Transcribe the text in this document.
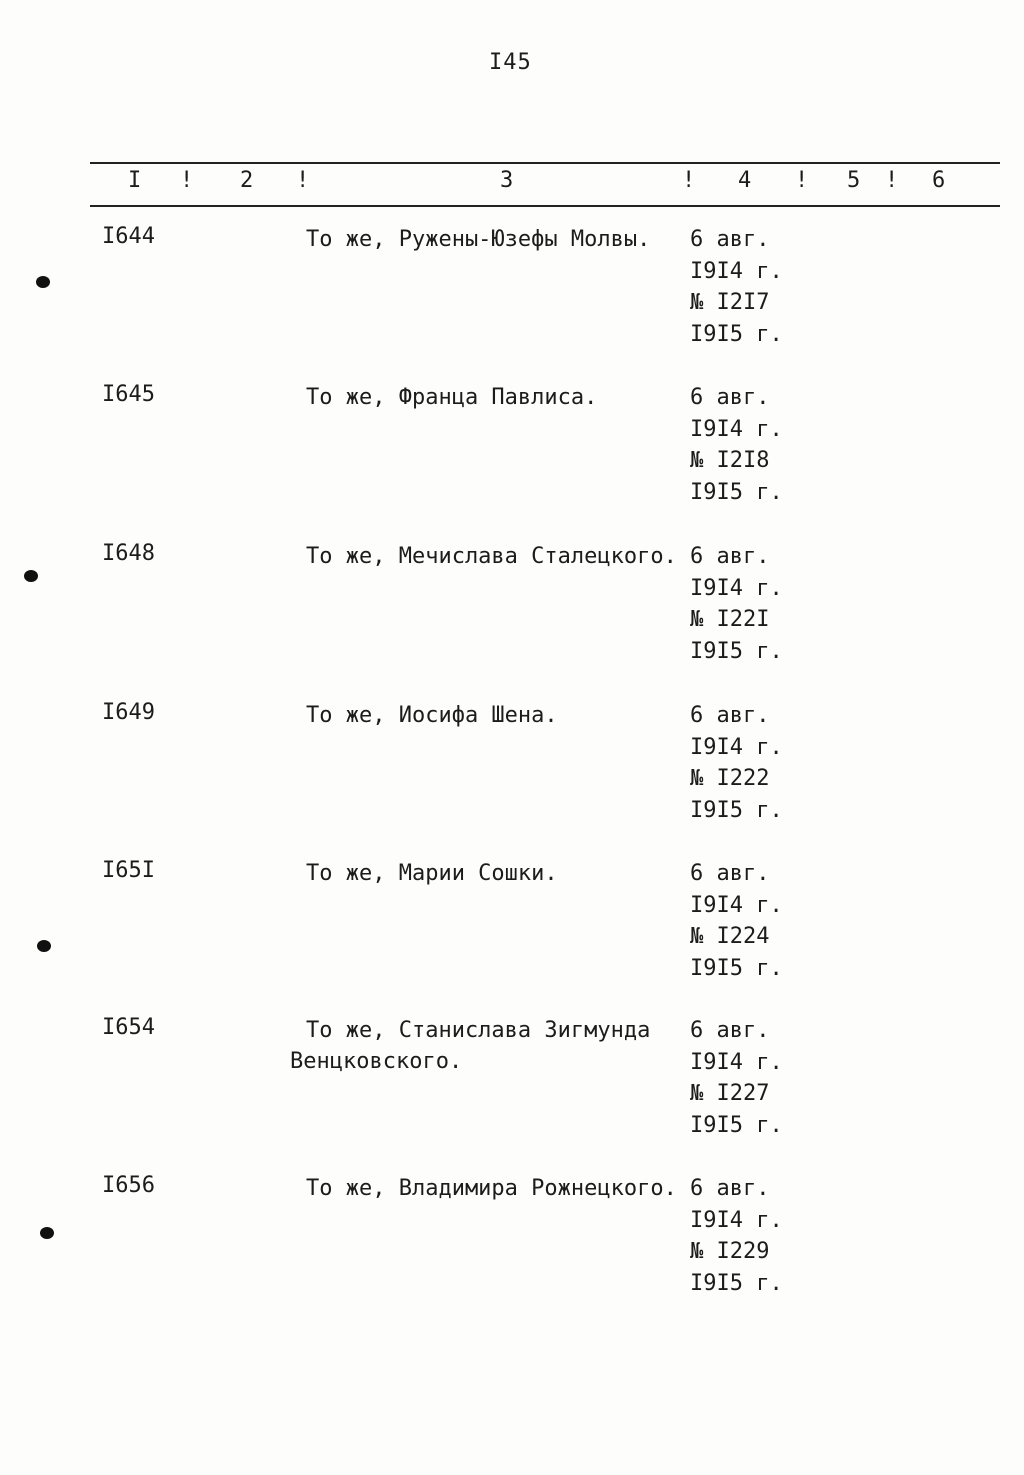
I45
I ! 2 !	3	! 4 ! 5 ! 6
I644	То же, Ружены-Юзефы Молвы.	6 авг.
I9I4 г.
№ I2I7
I9I5 г.
I645	То же, Франца Павлиса.	6 авг.
I9I4 г.
№ I2I8
I9I5 г.
I648	То же, Мечислава Сталецкого. 6 авг.
I9I4 г.
№ I22I
I9I5 г.
I649	То же, Иосифа Шена.	6 авг.
I9I4 г.
№ I222
I9I5 г.
I65I	То же, Марии Сошки.	6 авг.
I9I4 г.
№ I224
I9I5 г.
I654	То же, Станислава Зигмунда
Венцковского.
6 авг.
I9I4 г.
№ I227
I9I5 г.
I656	То же, Владимира Рожнецкого. 6 авг.
I9I4 г.
№ I229
I9I5 г.
